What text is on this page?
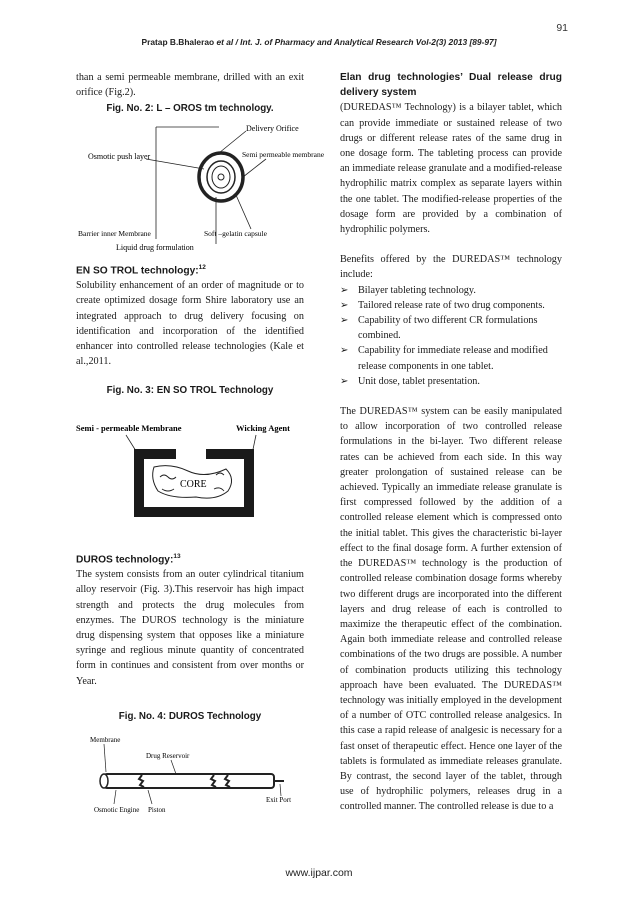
91
Pratap B.Bhalerao et al / Int. J. of Pharmacy and Analytical Research Vol-2(3) 2013 [89-97]

than a semi permeable membrane, drilled with an exit orifice (Fig.2).

Fig. No. 2: L – OROS tm technology.
Delivery Orifice
Osmotic push layer	Semi permeable membrane
Barrier inner Membrane	Soft –gelatin capsule
Liquid drug formulation
EN SO TROL technology:$^{12}$

Solubility enhancement of an order of magnitude or to create optimized dosage form Shire laboratory use an integrated approach to drug delivery focusing on identification and incorporation of the identified enhancer into controlled release technologies (Kale et al.,2011.

Fig. No. 3: EN SO TROL Technology
Semi - permeable Membrane	Wicking Agent
CORE
DUROS technology:$^{13}$

The system consists from an outer cylindrical titanium alloy reservoir (Fig. 3).This reservoir has high impact strength and protects the drug molecules from enzymes. The DUROS technology is the miniature drug dispensing system that opposes like a miniature syringe and reglious minute quantity of concentrated form in continues and consistent from over months or Year.

Fig. No. 4: DUROS Technology
Membrane
Drug Reservoir
Osmotic Engine Piston
Exit Port
Elan drug technologies’ Dual release drug delivery system

(DUREDAS™ Technology) is a bilayer tablet, which can provide immediate or sustained release of two drugs or different release rates of the same drug in one dosage form. The tableting process can provide an immediate release granulate and a modified-release hydrophilic matrix complex as separate layers within the one tablet. The modified-release properties of the dosage form are provided by a combination of hydrophilic polymers.

Benefits offered by the DUREDAS™ technology include:

➢ Bilayer tableting technology.
➢ Tailored release rate of two drug components.
➢ Capability of two different CR formulations combined.
➢ Capability for immediate release and modified release components in one tablet.
➢ Unit dose, tablet presentation.

The DUREDAS™ system can be easily manipulated to allow incorporation of two controlled release formulations in the bi-layer. Two different release rates can be achieved from each side. In this way greater prolongation of sustained release can be achieved. Typically an immediate release granulate is first compressed followed by the addition of a controlled release element which is compressed onto the initial tablet. This gives the characteristic bi-layer effect to the final dosage form. A further extension of the DUREDAS™ technology is the production of controlled release combination dosage forms whereby two different drugs are incorporated into the different layers and drug release of each is controlled to maximize the therapeutic effect of the combination. Again both immediate release and controlled release combinations of the two drugs are possible. A number of combination products utilizing this technology approach have been evaluated. The DUREDAS™ technology was initially employed in the development of a number of OTC controlled release analgesics. In this case a rapid release of analgesic is necessary for a fast onset of therapeutic effect. Hence one layer of the tablets is formulated as immediate releases granulate. By contrast, the second layer of the tablet, through use of hydrophilic polymers, releases drug in a controlled manner. The controlled release is due to a

www.ijpar.com
